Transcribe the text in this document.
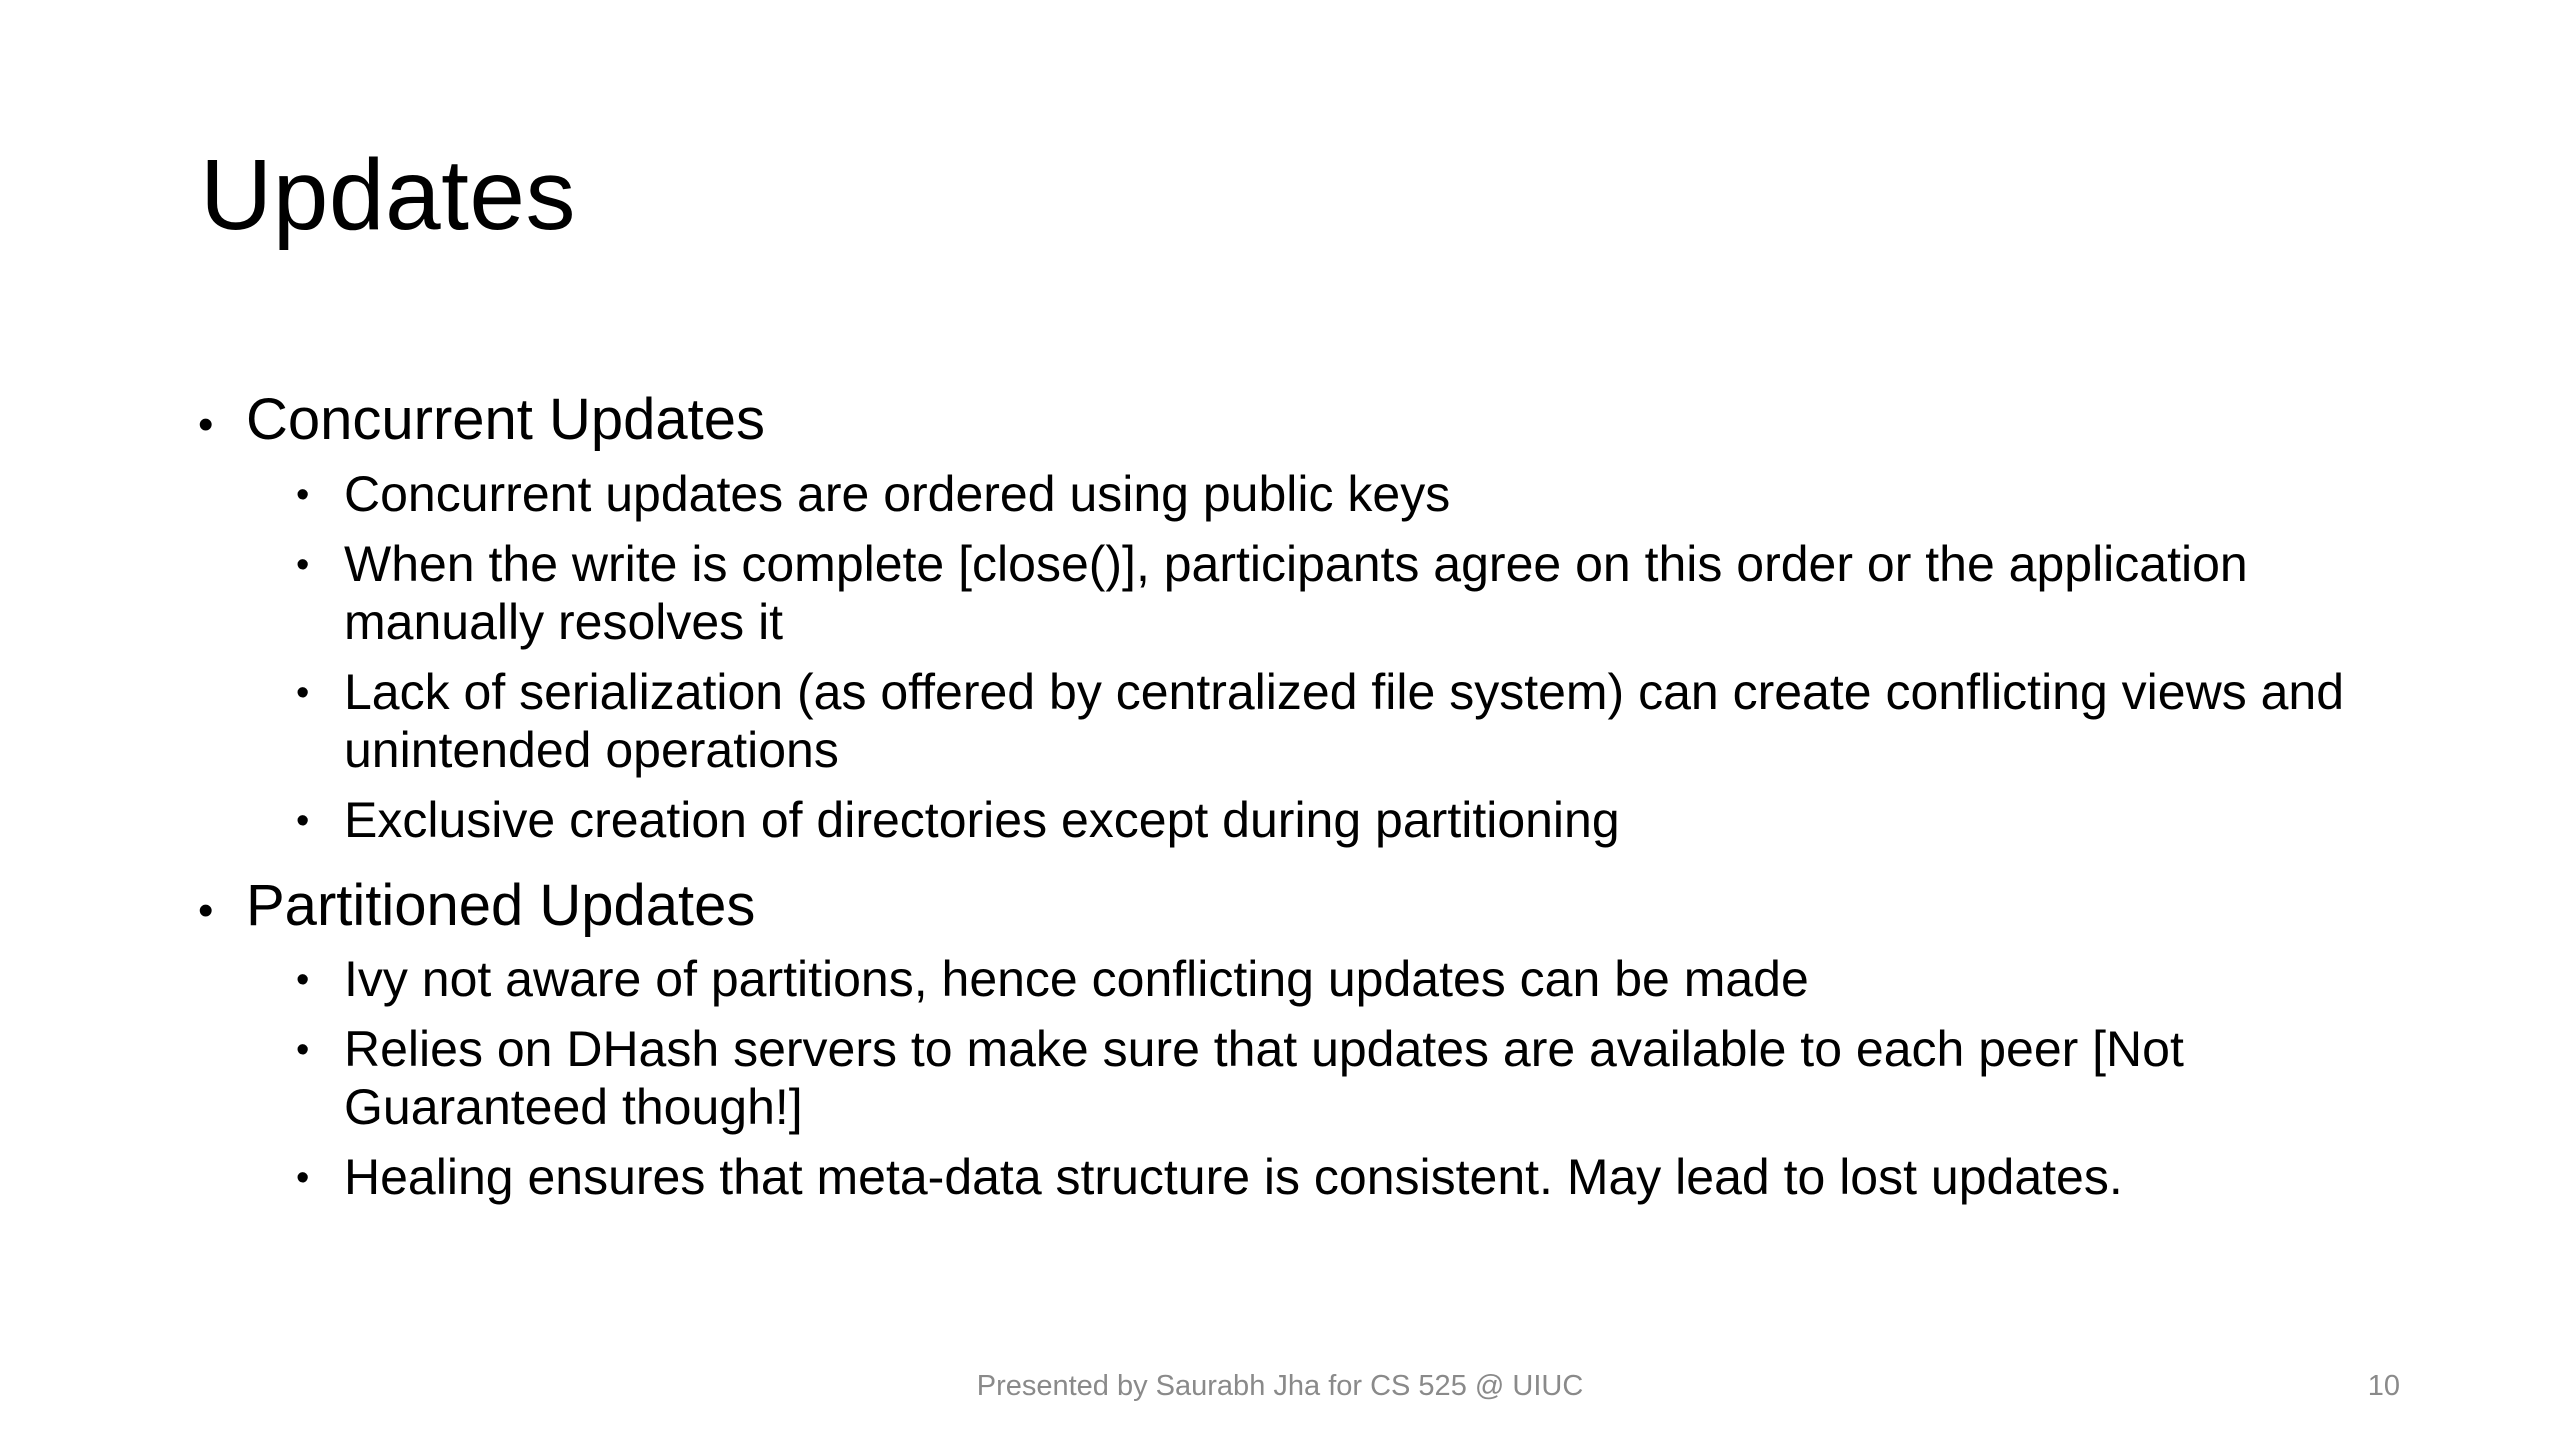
Updates
• Concurrent Updates
• Concurrent updates are ordered using public keys
• When the write is complete [close()], participants agree on this order or the application manually resolves it
• Lack of serialization (as offered by centralized file system) can create conflicting views and unintended operations
• Exclusive creation of directories except during partitioning
• Partitioned Updates
• Ivy not aware of partitions, hence conflicting updates can be made
• Relies on DHash servers to make sure that updates are available to each peer [Not Guaranteed though!]
• Healing ensures that meta-data structure is consistent. May lead to lost updates.
Presented by Saurabh Jha for CS 525 @ UIUC	10
